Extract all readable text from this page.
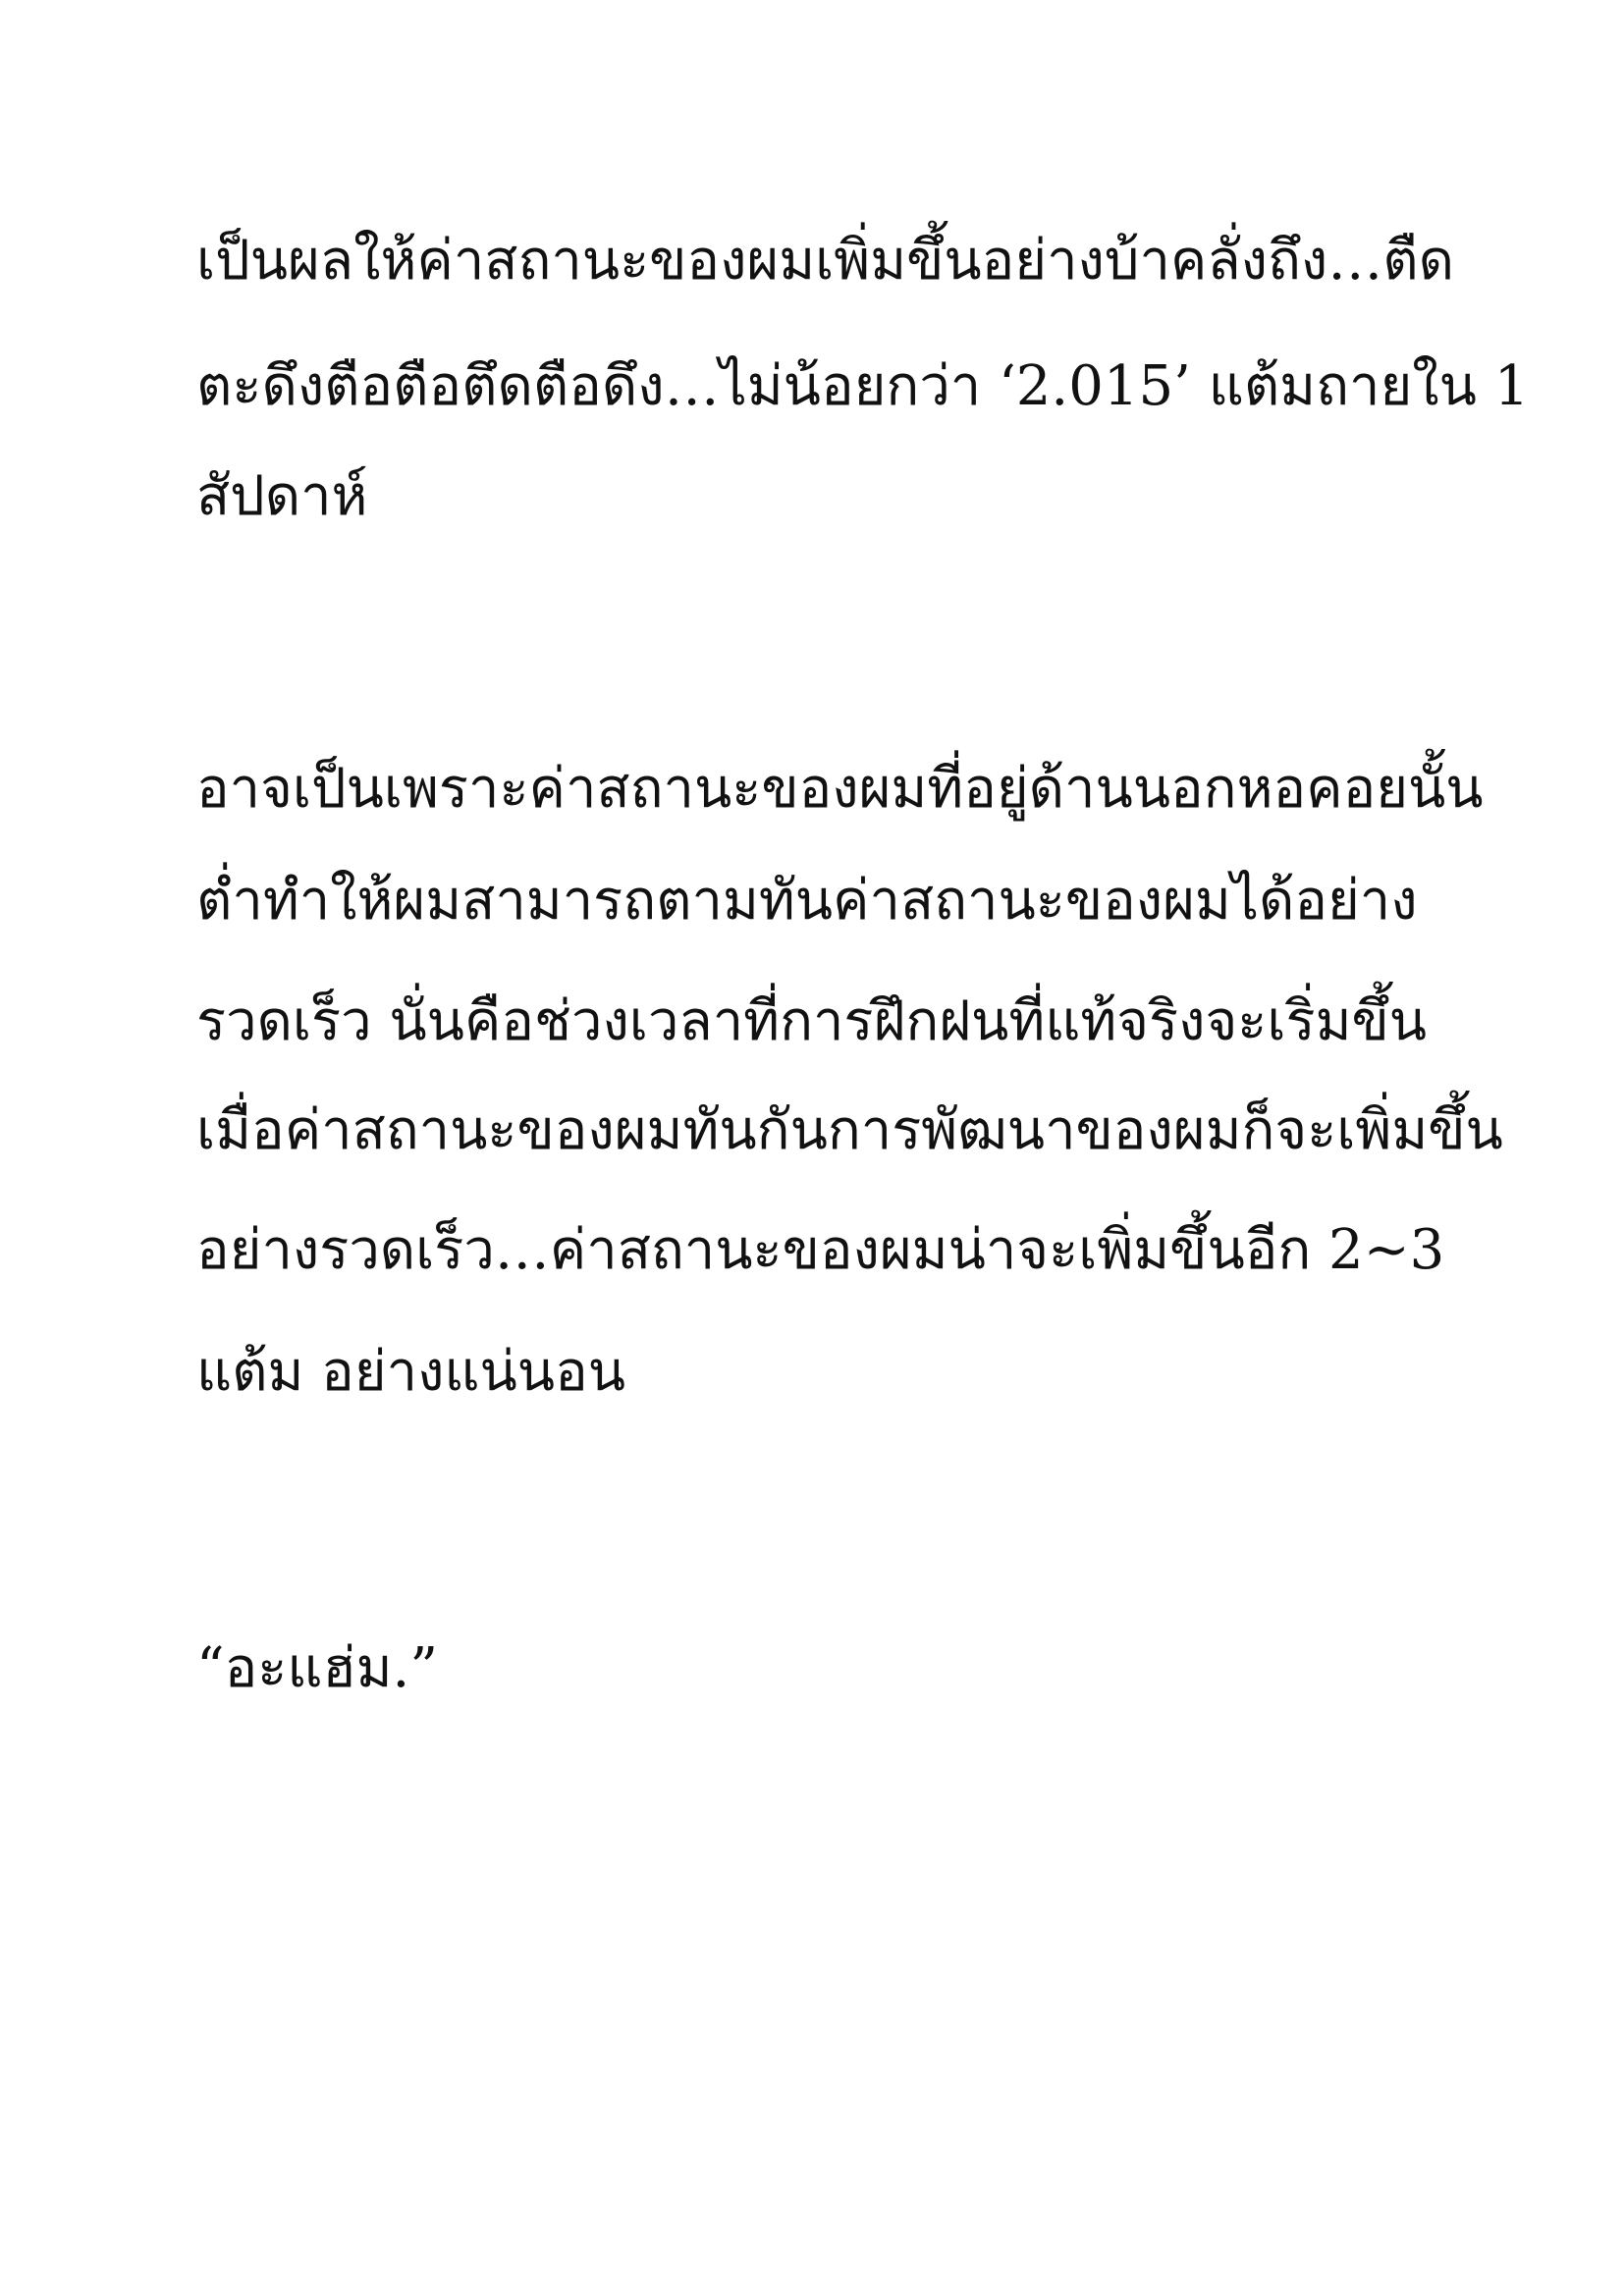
เป็นผลให้ค่าสถานะของผมเพิ่มขึ้นอย่างบ้าคลั่งถึง…ตืด

ตะดึงตือตือตึดตือดึง…ไม่น้อยกว่า ‘2.015’ แต้มถายใน 1

สัปดาห์

อาจเป็นเพราะค่าสถานะของผมที่อยู่ด้านนอกหอคอยนั้น

ต่ำทำให้ผมสามารถตามทันค่าสถานะของผมได้อย่าง

รวดเร็ว นั่นคือช่วงเวลาที่การฝึกฝนที่แท้จริงจะเริ่มขึ้น

เมื่อค่าสถานะของผมทันกันการพัฒนาของผมก็จะเพิ่มขึ้น

อย่างรวดเร็ว…ค่าสถานะของผมน่าจะเพิ่มขึ้นอีก 2~3

แต้ม อย่างแน่นอน

“อะแฮ่ม.”
